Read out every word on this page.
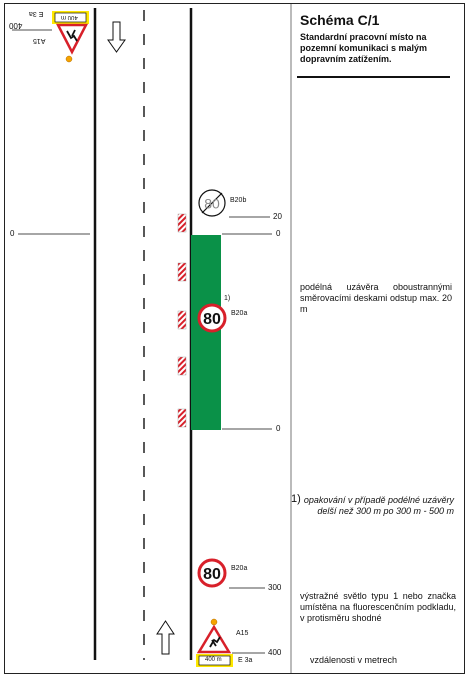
80
80
80
400 m
E 3a
A15
400
0
20
0
0
300
400
B20b
1)
B20a
B20a
A15
400 m E 3a
Schéma C/1
Standardní pracovní místo na pozemní komunikaci s malým dopravním zatížením.
podélná uzávěra oboustrannými směrovacími deskami odstup max. 20 m
1) opakování v případě podélné uzávěry delší než 300 m po 300 m - 500 m
výstražné světlo typu 1 nebo značka umístěna na fluorescenčním podkladu, v protisměru shodné
vzdálenosti v metrech
